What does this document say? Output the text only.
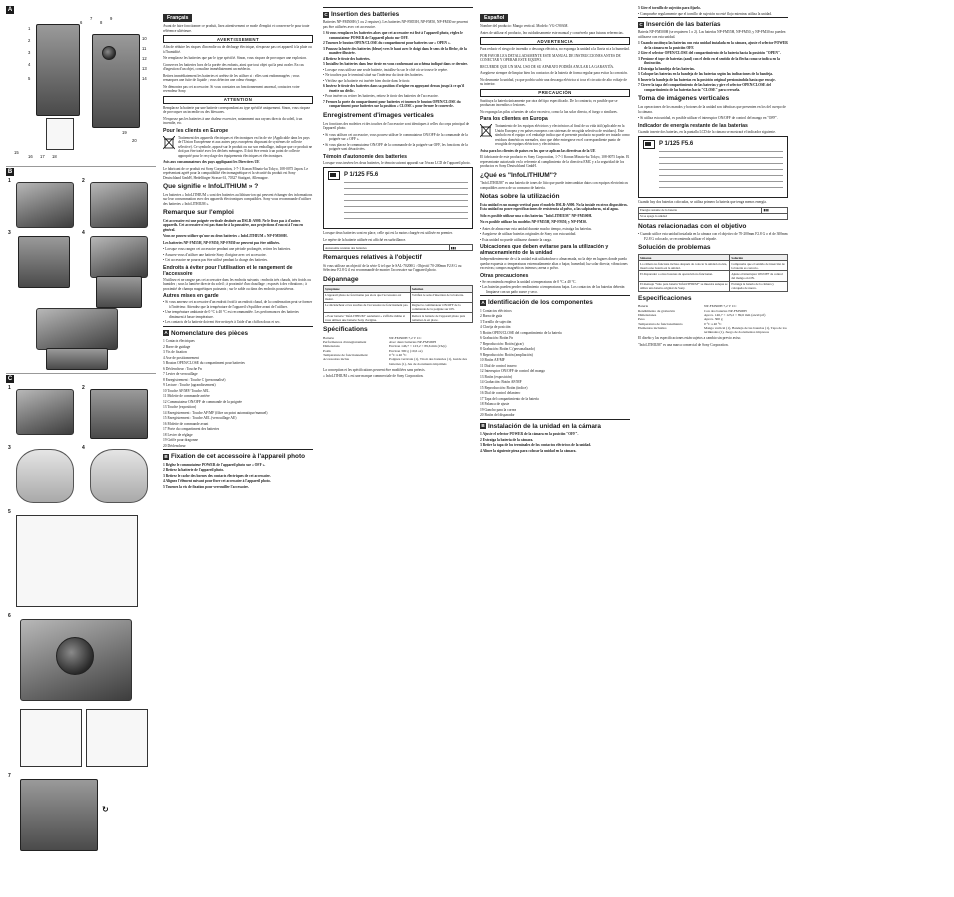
A
1
2
3
4
5
6
7
8
9
10
11
12
13
14
15
16 17 18
19
20
B
1	2
3	4
C
1	2
3	4
5
6
7
↻
Français

Avant de faire fonctionner ce produit, lisez attentivement ce mode d'emploi et conservez-le pour toute référence ultérieure.

AVERTISSEMENT

Afin de réduire les risques d'incendie ou de décharge électrique, n'exposez pas cet appareil à la pluie ou à l'humidité.

Ne remplacez les batteries que par le type spécifié. Sinon, vous risquez de provoquer une explosion.

Conservez les batteries hors de la portée des enfants, ainsi que tout objet qui la peut avaler. En cas d'ingestion d'un objet, consultez immédiatement un médecin.

Retirez immédiatement les batteries et arrêtez de les utiliser si : elles sont endommagées ; vous remarquez une fuite de liquide ; vous détectez une odeur étrange.

Ne démontez pas cet accessoire. Si vous constatez un fonctionnement anormal, contactez votre revendeur Sony.

ATTENTION

Remplacez la batterie par une batterie correspondant au type spécifié uniquement. Sinon, vous risquez de provoquer un incendie ou des blessures.

N'exposez pas les batteries à une chaleur excessive, notamment aux rayons directs du soleil, à un incendie, etc.

Pour les clients en Europe

Traitement des appareils électriques et électroniques en fin de vie (Applicable dans les pays de l'Union Européenne et aux autres pays européens disposant de systèmes de collecte sélective). Ce symbole, apposé sur le produit ou sur son emballage, indique que ce produit ne doit pas être traité avec les déchets ménagers. Il doit être remis à un point de collecte approprié pour le recyclage des équipements électriques et électroniques.

Avis aux consommateurs des pays appliquant les Directives UE

Le fabricant de ce produit est Sony Corporation, 1-7-1 Konan Minato-ku Tokyo, 108-0075 Japon. Le représentant agréé pour la compatibilité électromagnétique et la sécurité du produit est Sony Deutschland GmbH, Hedelfinger Strasse 61, 70327 Stuttgart, Allemagne.

Que signifie « InfoLITHIUM » ?

Les batteries « InfoLITHIUM » sont des batteries au lithium-ion qui peuvent échanger des informations sur leur consommation avec des appareils électroniques compatibles. Sony vous recommande d'utiliser des batteries « InfoLITHIUM ».

Remarque sur l'emploi

Cet accessoire est une poignée verticale destinée au DSLR-A900. Ne le fixez pas à d'autres appareils. Cet accessoire n'est pas étanche à la poussière, aux projections d'eau ni à l'eau en général.

Vous ne pouvez utiliser qu'une ou deux batteries « InfoLITHIUM » NP-FM500H.

Les batteries NP-FM55H, NP-FM50, NP-FM30 ne peuvent pas être utilisées.

• Lorsque vous rangez cet accessoire pendant une période prolongée, retirez les batteries.

• Assurez-vous d'utiliser une batterie Sony d'origine avec cet accessoire.

• Cet accessoire ne pourra pas être utilisé pendant la charge des batteries.

Endroits à éviter pour l'utilisation et le rangement de l'accessoire

N'utilisez et ne rangez pas cet accessoire dans les endroits suivants : endroits très chauds, très froids ou humides ; sous la lumière directe du soleil ; à proximité d'un chauffage ; exposés à des vibrations ; à proximité de champs magnétiques puissants ; sur le sable ou dans des endroits poussiéreux.

Autres mises en garde

• Si vous amenez cet accessoire d'un endroit froid à un endroit chaud, de la condensation peut se former à l'intérieur. Attendez que la température de l'appareil s'équilibre avant de l'utiliser.

• Une température ambiante de 0 °C à 40 °C est recommandée. Les performances des batteries diminuent à basse température.

• Les contacts de la batterie doivent être nettoyés à l'aide d'un chiffon doux et sec.

A Nomenclature des pièces

1 Contacts électriques

2 Barre de guidage

3 Vis de fixation

4 Axe de positionnement

5 Bouton OPEN/CLOSE du compartiment pour batteries

6 Déclencheur : Touche Fn

7 Levier de verrouillage

8 Enregistrement : Touche C (personnalisé)

9 Lecture : Touche (agrandissement)

10 Touche AF/MF/ Touche AEL

11 Molette de commande arrière

12 Commutateur ON/OFF de commande de la poignée

13 Touche (exposition)

14 Enregistrement : Touche AF/MF (filtre un point automatique/manuel)

15 Enregistrement : Touche AEL (verrouillage AE)

16 Molette de commande avant

17 Porte du compartiment des batteries

18 Levier de réglage

19 Griffe pour dragonne

20 Déclencheur

B Fixation de cet accessoire à l'appareil photo

1 Réglez le commutateur POWER de l'appareil photo sur « OFF ».

2 Retirez la batterie de l'appareil photo.

3 Retirez le cache des bornes des contacts électriques de cet accessoire.

4 Alignez l'élément suivant pour fixer cet accessoire à l'appareil photo.

5 Tournez la vis de fixation pour verrouiller l'accessoire.

C Insertion des batteries

Batteries NP-FM500H (1 ou 2 requises). Les batteries NP-FM55H, NP-FM50, NP-FM30 ne peuvent pas être utilisées avec cet accessoire.

1 Si vous remplacez les batteries alors que cet accessoire est fixé à l'appareil photo, réglez le commutateur POWER de l'appareil photo sur OFF.

2 Tournez le bouton OPEN/CLOSE du compartiment pour batteries sur « OPEN ».

3 Poussez la butée des batteries (bleue) vers le haut avec le doigt dans le sens de la flèche, de la manière illustrée.

4 Retirez le tiroir des batteries.

5 Installez les batteries dans leur tiroir en vous conformant au schéma indiqué dans ce dernier.

• Lorsque vous utilisez une seule batterie, installez-la sur le côté où se trouve le repère.

• Ne touchez pas le terminal situé sur l'intérieur du tiroir des batteries.

• Vérifiez que la batterie est insérée bien droite dans le tiroir.

6 Insérez le tiroir des batteries dans sa position d'origine en appuyant dessus jusqu'à ce qu'il émette un déclic.

• Pour insérer ou retirer les batteries, retirez le tiroir des batteries de l'accessoire.

7 Fermez la porte du compartiment pour batteries et tournez le bouton OPEN/CLOSE du compartiment pour batteries sur la position « CLOSE » pour fermer le couvercle.

Enregistrement d'images verticales

Les fonctions des molettes et des touches de l'accessoire sont identiques à celles du corps principal de l'appareil photo.

• Si vous utilisez cet accessoire, vous pouvez utiliser le commutateur ON/OFF de la commande de la poignée sur « OFF ».

• Si vous placez le commutateur ON/OFF de la commande de la poignée sur OFF, les fonctions de la poignée sont désactivées.

Témoin d'autonomie des batteries

Lorsque vous insérez les deux batteries, le témoin suivant apparaît sur l'écran LCD de l'appareil photo.

P 1/125 F5.6

Lorsque deux batteries sont en place, celle qui est la moins chargée est utilisée en premier.

Le repère de la batterie utilisée est affiché en surbrillance.

Autonomie restante des batteries	▮▮▮
Remarques relatives à l'objectif

Si vous utilisez un objectif de la série G tel que le SAL-70200G : Objectif 70-200mm F2.8 G ou Sélecteur F2.8 G il est recommandé de monter l'accessoire sur l'appareil photo.

Dépannage
Symptôme	Solution
L'appareil photo ne fonctionne pas alors que l'accessoire est inséré.	Vérifiez le sens d'insertion de la batterie.
Le déclencheur et les touches de l'accessoire ne fonctionnent pas.	Réglez le commutateur ON/OFF de la commande de la poignée sur ON.
« Pour batterie "InfoLITHIUM" seulement » s'affiche même si vous utilisez une batterie Sony d'origine.	Retirez la batterie de l'appareil photo puis remettez-la en place.
Spécifications
Batterie	NP-FM500H 7,2 V CC
Performances d'enregistrement	Avec deux batteries NP-FM500H
Dimensions	Environ 146,7 × 123,2 × 89,6 mm (l/h/p)
Poids	Environ 300 g (10,6 oz)
Température de fonctionnement	0 °C à 40 °C
Accessoires inclus	Poignée verticale (1), Tiroir des batteries (1), Guide des batteries (1), Jeu de documents imprimés

La conception et les spécifications peuvent être modifiées sans préavis.

« InfoLITHIUM » est une marque commerciale de Sony Corporation.

Español

Nombre del producto: Mango vertical. Modelo: VG-C90AM.

Antes de utilizar el producto, lea cuidadosamente este manual y consérvelo para futuras referencias.

ADVERTENCIA

Para reducir el riesgo de incendio o descarga eléctrica, no exponga la unidad a la lluvia ni a la humedad.

POR FAVOR LEA DETALLADAMENTE ESTE MANUAL DE INSTRUCCIONES ANTES DE CONECTAR Y OPERAR ESTE EQUIPO.

RECUERDE QUE UN MAL USO DE SU APARATO PODRÍA ANULAR LA GARANTÍA.

Asegúrese siempre de limpiar bien los contactos de la batería de forma regular para evitar la corrosión.

No desmonte la unidad, ya que podría sufrir una descarga eléctrica si toca el circuito de alto voltaje de su interior.

PRECAUCIÓN

Sustituya la batería únicamente por otra del tipo especificado. De lo contrario, es posible que se produzcan incendios o lesiones.

No exponga las pilas a fuentes de calor excesivo, como la luz solar directa, el fuego o similares.

Para los clientes en Europa

Tratamiento de los equipos eléctricos y electrónicos al final de su vida útil (aplicable en la Unión Europea y en países europeos con sistemas de recogida selectiva de residuos). Este símbolo en el equipo o el embalaje indica que el presente producto no puede ser tratado como residuos domésticos normales, sino que debe entregarse en el correspondiente punto de recogida de equipos eléctricos y electrónicos.

Aviso para los clientes de países en los que se aplican las directivas de la UE

El fabricante de este producto es Sony Corporation, 1-7-1 Konan Minato-ku Tokyo, 108-0075 Japón. El representante autorizado en lo referente al cumplimiento de la directiva EMC y a la seguridad de los productos es Sony Deutschland GmbH.

¿Qué es "InfoLITHIUM"?

"InfoLITHIUM" es una batería de iones de litio que puede intercambiar datos con equipos electrónicos compatibles acerca de su consumo de batería.

Notas sobre la utilización

Esta unidad es un mango vertical para el modelo DSLR-A900. No la instale en otros dispositivos. Esta unidad no posee especificaciones de resistencia al polvo, a las salpicaduras, ni al agua.

Sólo es posible utilizar una o dos baterías "InfoLITHIUM" NP-FM500H.

No es posible utilizar los modelos NP-FM55H, NP-FM50, y NP-FM30.

• Antes de almacenar esta unidad durante mucho tiempo, extraiga las baterías.

• Asegúrese de utilizar baterías originales de Sony con esta unidad.

• Esta unidad no puede utilizarse durante la carga.

Ubicaciones que deben evitarse para la utilización y almacenamiento de la unidad

Independientemente de si la unidad está utilizándose o almacenada, no la deje en lugares donde pueda quedar expuesta a: temperaturas extremadamente altas o bajas; humedad; luz solar directa; vibraciones excesivas; campos magnéticos intensos; arena o polvo.

Otras precauciones

• Se recomienda emplear la unidad a temperaturas de 0 °C a 40 °C.

• Las baterías pueden perder rendimiento a temperaturas bajas. Los contactos de las baterías deberán limpiarse con un paño suave y seco.

A Identificación de los componentes

1 Contactos eléctricos

2 Barra de guía

3 Tornillo de sujeción

4 Clavija de posición

5 Botón OPEN/CLOSE del compartimiento de la batería

6 Grabación: Botón Fn

7 Reproducción: Botón (girar)

8 Grabación: Botón C (personalizado)

9 Reproducción: Botón (ampliación)

10 Botón AF/MF

11 Dial de control trasero

12 Interruptor ON/OFF de control del mango

13 Botón (exposición)

14 Grabación: Botón AF/MF

15 Reproducción: Botón (índice)

16 Dial de control delantero

17 Tapa del compartimiento de la batería

18 Palanca de ajuste

19 Gancho para la correa

20 Botón del disparador

B Instalación de la unidad en la cámara

1 Ajuste el selector POWER de la cámara en la posición "OFF".

2 Extraiga la batería de la cámara.

3 Retire la tapa de los terminales de los contactos eléctricos de la unidad.

4 Alinee la siguiente pieza para colocar la unidad en la cámara.

5 Gire el tornillo de sujeción para fijarlo.

• Compruebe regularmente que el tornillo de sujeción no esté flojo mientras utiliza la unidad.

C Inserción de las baterías

Batería NP-FM500H (se requieren 1 o 2). Las baterías NP-FM55H, NP-FM50, y NP-FM30 no pueden utilizarse con esta unidad.

1 Cuando sustituya las baterías con esta unidad instalada en la cámara, ajuste el selector POWER de la cámara en la posición OFF.

2 Gire el selector OPEN/CLOSE del compartimiento de la batería hacia la posición "OPEN".

3 Presione el tope de baterías (azul) con el dedo en el sentido de la flecha como se indica en la ilustración.

4 Extraiga la bandeja de las baterías.

5 Coloque las baterías en la bandeja de las baterías según las indicaciones de la bandeja.

6 Inserte la bandeja de las baterías en la posición original presionándola hasta que encaje.

7 Cierre la tapa del compartimiento de las baterías y gire el selector OPEN/CLOSE del compartimiento de las baterías hacia "CLOSE" para cerrarla.

Toma de imágenes verticales

Las operaciones de los mandos y botones de la unidad son idénticas que presenten en los del cuerpo de la cámara.

• Si utiliza esta unidad, es posible utilizar el interruptor ON/OFF de control del mango en "OFF".

Indicador de energía restante de las baterías

Cuando inserte dos baterías, en la pantalla LCD de la cámara se mostrará el indicador siguiente.

P 1/125 F5.6

Cuando hay dos baterías colocadas, se utiliza primero la batería que tenga menos energía.

Energía restante de la batería	▮▮▮
Si se apaga la unidad
Notas relacionadas con el objetivo

• Cuando utilice esta unidad instalada en la cámara con el objetivo de 70-200mm F2.8 G o el de 300mm F2.8 G colocado, se recomienda utilizar el trípode.

Solución de problemas
Síntoma	Solución
La cámara no funciona incluso después de colocar la unidad en ésta, inserta una batería en la unidad.	Compruebe que el sentido de inserción de la batería es correcto.
El disparador o otros botones de operación no funcionan.	Ajuste el interruptor ON/OFF de control del mango en ON.
El mensaje "Sólo para batería 'InfoLITHIUM'" se muestra aunque se utiliza una batería original de Sony.	Extraiga la batería de la cámara y colóquela de nuevo.
Especificaciones
Batería	NP-FM500H 7,2 V CC
Rendimiento de grabación	Con dos baterías NP-FM500H
Dimensiones	Aprox. 146,7 × 123,2 × 89,6 mm (an/al/prf)
Peso	Aprox. 300 g
Temperatura de funcionamiento	0 °C a 40 °C
Elementos incluidos	Mango vertical (1), Bandeja de las baterías (1), Tapa de los terminales (1), Juego de documentos impresos

El diseño y las especificaciones están sujetos a cambio sin previo aviso.

"InfoLITHIUM" es una marca comercial de Sony Corporation.
